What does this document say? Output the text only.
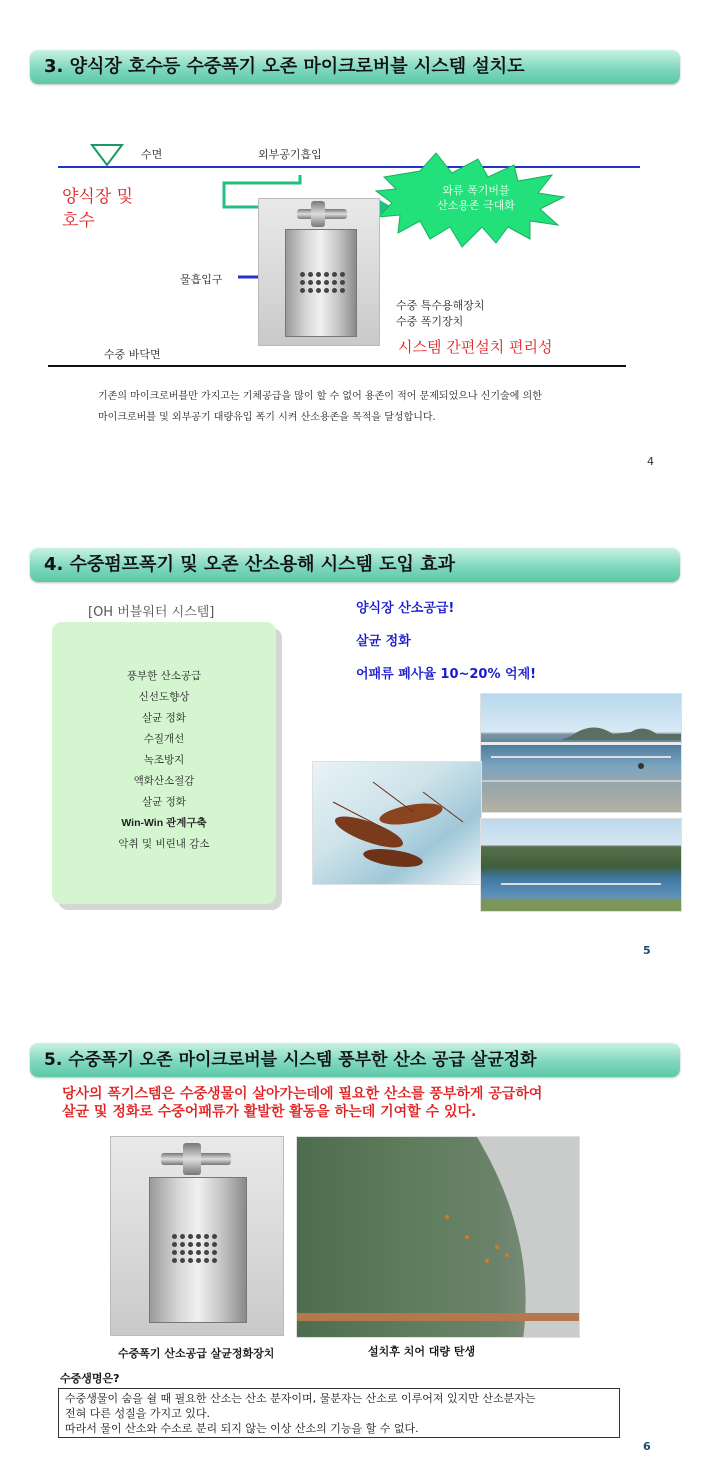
3. 양식장 호수등 수중폭기 오존 마이크로버블 시스템 설치도
수면	외부공기흡입
양식장 및
호수
와류 폭기버블
산소용존 극대화
물흡입구
수중 특수용해장치
수중 폭기장치
시스템 간편설치 편리성
수중 바닥면
기존의 마이크로버블만 가지고는 기체공급을 많이 할 수 없어 용존이 적어 문제되었으나 신기술에 의한
마이크로버블 및 외부공기 대량유입 폭기 시켜 산소용존을 목적을 달성합니다.
4
4. 수중펌프폭기 및 오존 산소용해 시스템 도입 효과
[OH 버블워터 시스템]
풍부한 산소공급
신선도향상
살균 정화
수질개선
녹조방지
액화산소절감
살균 정화
Win-Win 관계구축
악취 및 비린내 감소
양식장 산소공급!
살균 정화
어패류 폐사율 10~20% 억제!
5
5. 수중폭기 오존 마이크로버블 시스템 풍부한 산소 공급 살균정화
당사의 폭기스템은 수중생물이 살아가는데에 필요한 산소를 풍부하게 공급하여
살균 및 정화로 수중어패류가 활발한 활동을 하는데 기여할 수 있다.
수중폭기 산소공급 살균정화장치	설치후 치어 대량 탄생
수중생명은?
수중생물이 숨을 쉴 때 필요한 산소는 산소 분자이며, 물분자는 산소로 이루어져 있지만 산소분자는
전혀 다른 성질을 가지고 있다.
따라서 물이 산소와 수소로 분리 되지 않는 이상 산소의 기능을 할 수 없다.
6
